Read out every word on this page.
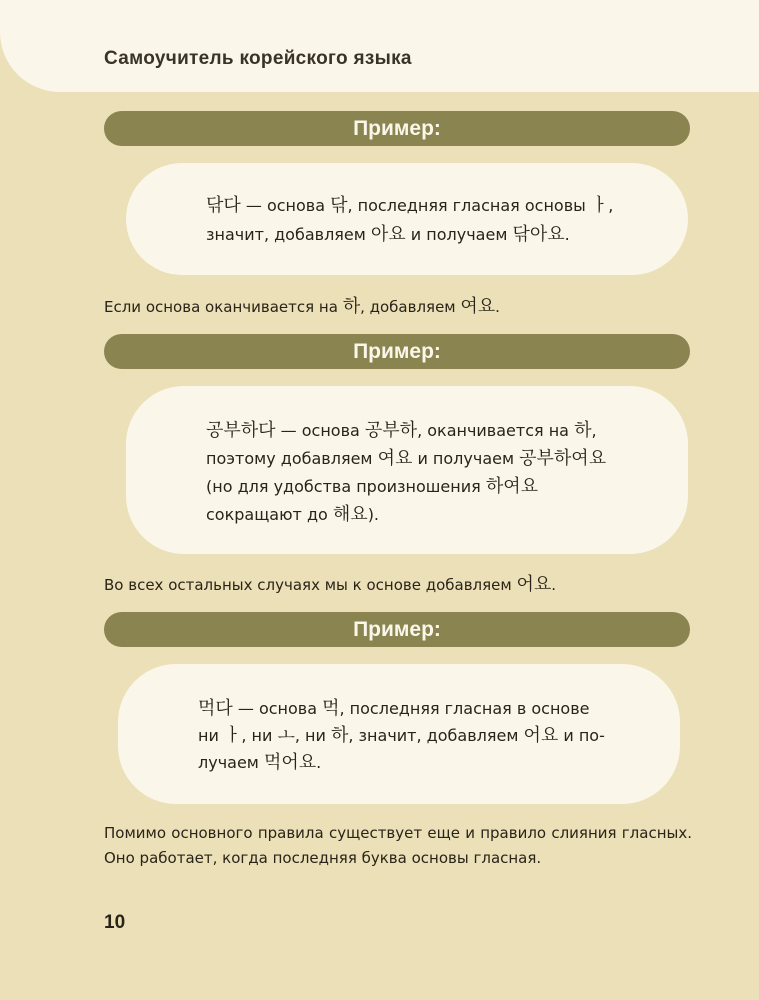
Самоучитель корейского языка
Пример:

닦다 — основа 닦, последняя гласная основы ㅏ,

значит, добавляем 아요 и получаем 닦아요.

Если основа оканчивается на 하, добавляем 여요.
Пример:

공부하다 — основа 공부하, оканчивается на 하,

поэтому добавляем 여요 и получаем 공부하여요

(но для удобства произношения 하여요

сокращают до 해요).

Во всех остальных случаях мы к основе добавляем 어요.
Пример:

먹다 — основа 먹, последняя гласная в основе

ни ㅏ, ни ㅗ, ни 하, значит, добавляем 어요 и по-

лучаем 먹어요.

Помимо основного правила существует еще и правило слияния гласных. Оно работает, когда последняя буква основы гласная.
10
